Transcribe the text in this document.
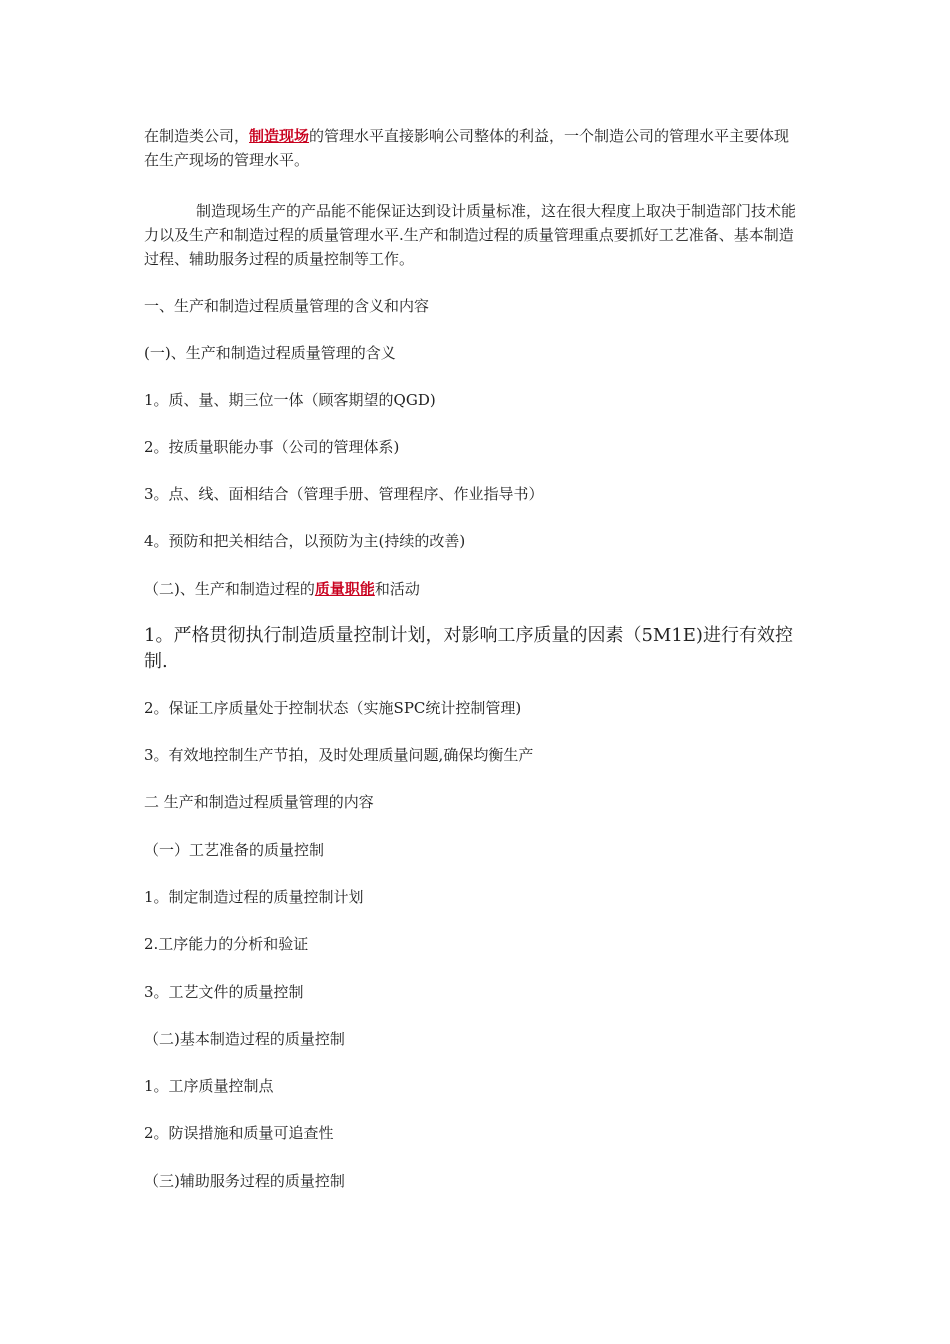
在制造类公司，制造现场的管理水平直接影响公司整体的利益，一个制造公司的管理水平主要体现在生产现场的管理水平。
制造现场生产的产品能不能保证达到设计质量标准，这在很大程度上取决于制造部门技术能力以及生产和制造过程的质量管理水平.生产和制造过程的质量管理重点要抓好工艺准备、基本制造过程、辅助服务过程的质量控制等工作。
一、生产和制造过程质量管理的含义和内容
(一)、生产和制造过程质量管理的含义
1。质、量、期三位一体（顾客期望的QGD)
2。按质量职能办事（公司的管理体系)
3。点、线、面相结合（管理手册、管理程序、作业指导书）
4。预防和把关相结合，以预防为主(持续的改善)
（二)、生产和制造过程的质量职能和活动
1。严格贯彻执行制造质量控制计划，对影响工序质量的因素（5M1E)进行有效控制.
2。保证工序质量处于控制状态（实施SPC统计控制管理)
3。有效地控制生产节拍，及时处理质量问题,确保均衡生产
二 生产和制造过程质量管理的内容
（一）工艺准备的质量控制
1。制定制造过程的质量控制计划
2.工序能力的分析和验证
3。工艺文件的质量控制
（二)基本制造过程的质量控制
1。工序质量控制点
2。防误措施和质量可追查性
（三)辅助服务过程的质量控制
